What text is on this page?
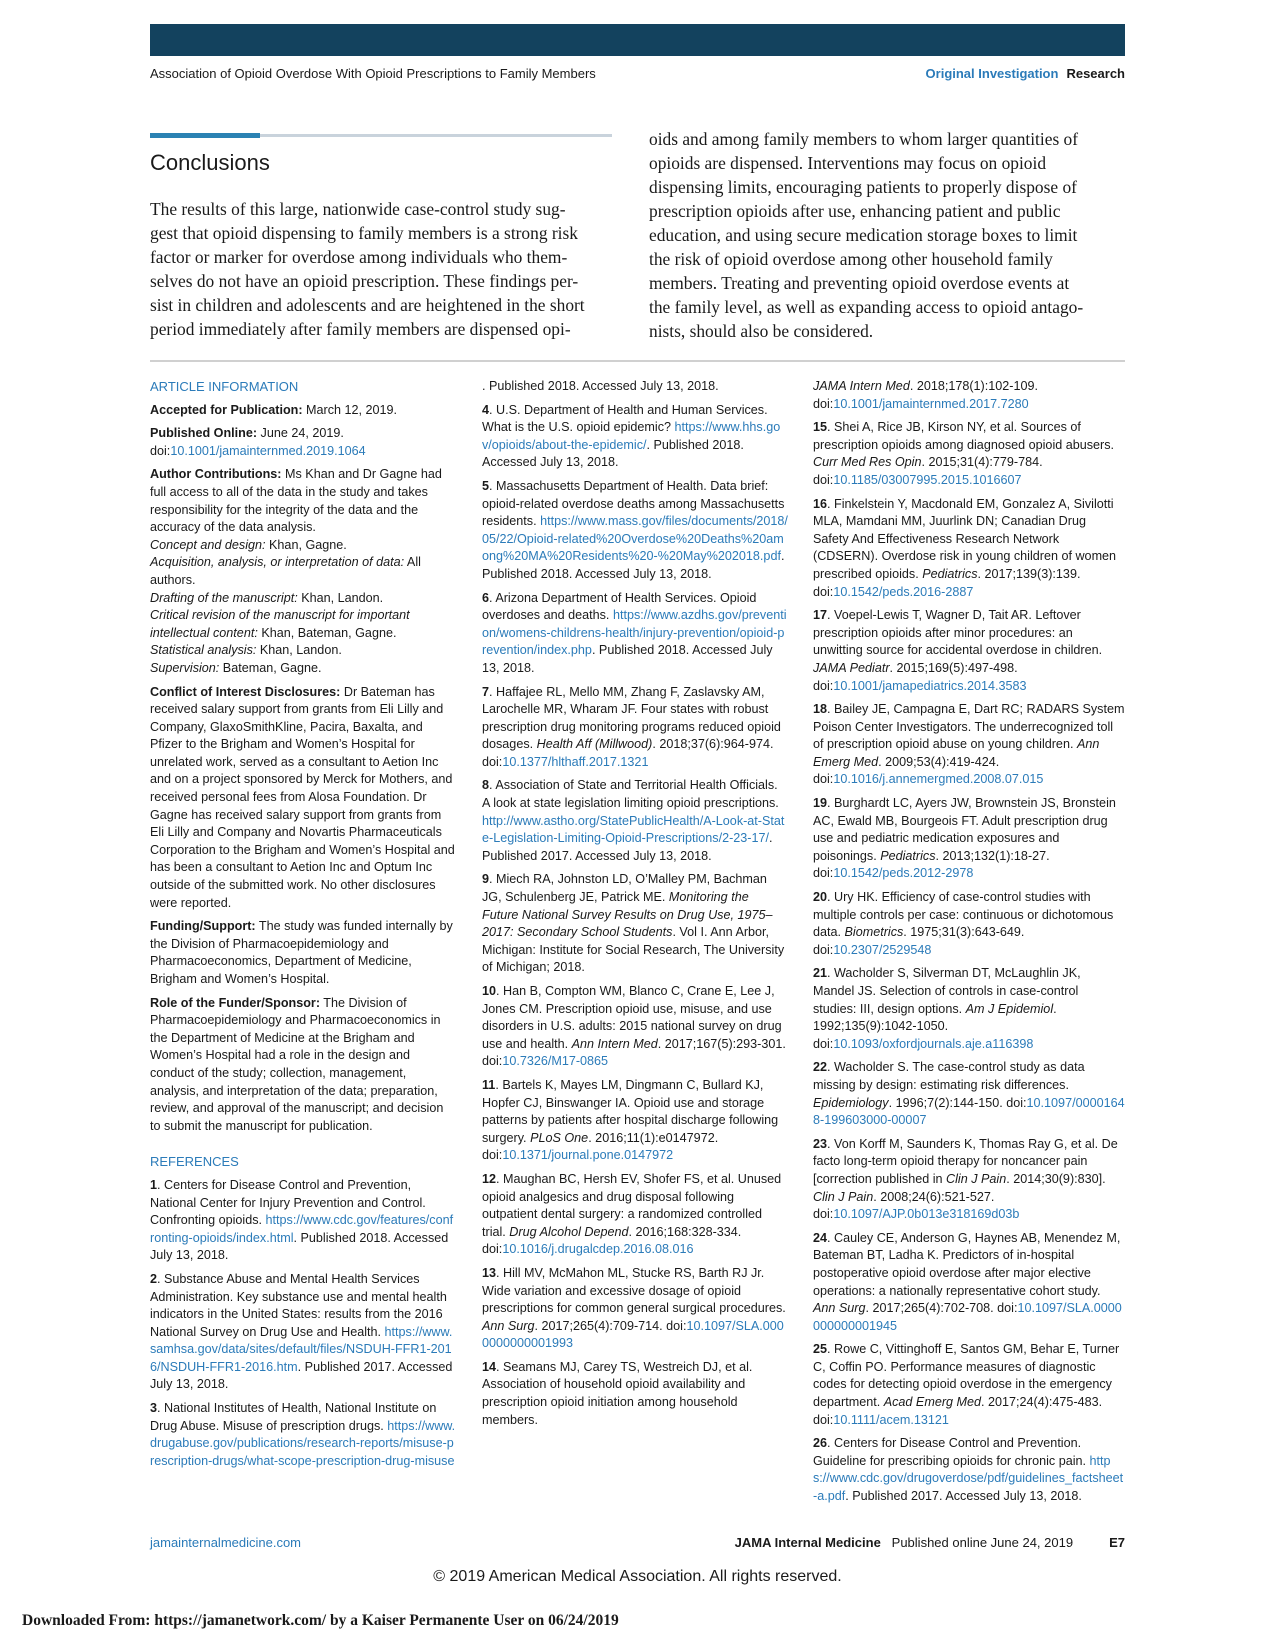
Association of Opioid Overdose With Opioid Prescriptions to Family Members	Original Investigation Research
Conclusions
The results of this large, nationwide case-control study sug-
gest that opioid dispensing to family members is a strong risk
factor or marker for overdose among individuals who them-
selves do not have an opioid prescription. These findings per-
sist in children and adolescents and are heightened in the short
period immediately after family members are dispensed opi-
oids and among family members to whom larger quantities of
opioids are dispensed. Interventions may focus on opioid
dispensing limits, encouraging patients to properly dispose of
prescription opioids after use, enhancing patient and public
education, and using secure medication storage boxes to limit
the risk of opioid overdose among other household family
members. Treating and preventing opioid overdose events at
the family level, as well as expanding access to opioid antago-
nists, should also be considered.
ARTICLE INFORMATION

Accepted for Publication: March 12, 2019.

Published Online: June 24, 2019.
doi:10.1001/jamainternmed.2019.1064

Author Contributions: Ms Khan and Dr Gagne had full access to all of the data in the study and takes responsibility for the integrity of the data and the accuracy of the data analysis.
Concept and design: Khan, Gagne.
Acquisition, analysis, or interpretation of data: All authors.
Drafting of the manuscript: Khan, Landon.
Critical revision of the manuscript for important intellectual content: Khan, Bateman, Gagne.
Statistical analysis: Khan, Landon.
Supervision: Bateman, Gagne.

Conflict of Interest Disclosures: Dr Bateman has received salary support from grants from Eli Lilly and Company, GlaxoSmithKline, Pacira, Baxalta, and Pfizer to the Brigham and Women’s Hospital for unrelated work, served as a consultant to Aetion Inc and on a project sponsored by Merck for Mothers, and received personal fees from Alosa Foundation. Dr Gagne has received salary support from grants from Eli Lilly and Company and Novartis Pharmaceuticals Corporation to the Brigham and Women’s Hospital and has been a consultant to Aetion Inc and Optum Inc outside of the submitted work. No other disclosures were reported.

Funding/Support: The study was funded internally by the Division of Pharmacoepidemiology and Pharmacoeconomics, Department of Medicine, Brigham and Women’s Hospital.

Role of the Funder/Sponsor: The Division of Pharmacoepidemiology and Pharmacoeconomics in the Department of Medicine at the Brigham and Women’s Hospital had a role in the design and conduct of the study; collection, management, analysis, and interpretation of the data; preparation, review, and approval of the manuscript; and decision to submit the manuscript for publication.

REFERENCES

1. Centers for Disease Control and Prevention, National Center for Injury Prevention and Control. Confronting opioids. https://www.cdc.gov/features/confronting-opioids/index.html. Published 2018. Accessed July 13, 2018.

2. Substance Abuse and Mental Health Services Administration. Key substance use and mental health indicators in the United States: results from the 2016 National Survey on Drug Use and Health. https://www.samhsa.gov/data/sites/default/files/NSDUH-FFR1-2016/NSDUH-FFR1-2016.htm. Published 2017. Accessed July 13, 2018.

3. National Institutes of Health, National Institute on Drug Abuse. Misuse of prescription drugs. https://www.drugabuse.gov/publications/research-reports/misuse-prescription-drugs/what-scope-prescription-drug-misuse

. Published 2018. Accessed July 13, 2018.

4. U.S. Department of Health and Human Services. What is the U.S. opioid epidemic? https://www.hhs.gov/opioids/about-the-epidemic/. Published 2018. Accessed July 13, 2018.

5. Massachusetts Department of Health. Data brief: opioid-related overdose deaths among Massachusetts residents. https://www.mass.gov/files/documents/2018/05/22/Opioid-related%20Overdose%20Deaths%20among%20MA%20Residents%20-%20May%202018.pdf. Published 2018. Accessed July 13, 2018.

6. Arizona Department of Health Services. Opioid overdoses and deaths. https://www.azdhs.gov/prevention/womens-childrens-health/injury-prevention/opioid-prevention/index.php. Published 2018. Accessed July 13, 2018.

7. Haffajee RL, Mello MM, Zhang F, Zaslavsky AM, Larochelle MR, Wharam JF. Four states with robust prescription drug monitoring programs reduced opioid dosages. Health Aff (Millwood). 2018;37(6):964-974. doi:10.1377/hlthaff.2017.1321

8. Association of State and Territorial Health Officials. A look at state legislation limiting opioid prescriptions. http://www.astho.org/StatePublicHealth/A-Look-at-State-Legislation-Limiting-Opioid-Prescriptions/2-23-17/. Published 2017. Accessed July 13, 2018.

9. Miech RA, Johnston LD, O’Malley PM, Bachman JG, Schulenberg JE, Patrick ME. Monitoring the Future National Survey Results on Drug Use, 1975–2017: Secondary School Students. Vol I. Ann Arbor, Michigan: Institute for Social Research, The University of Michigan; 2018.

10. Han B, Compton WM, Blanco C, Crane E, Lee J, Jones CM. Prescription opioid use, misuse, and use disorders in U.S. adults: 2015 national survey on drug use and health. Ann Intern Med. 2017;167(5):293-301. doi:10.7326/M17-0865

11. Bartels K, Mayes LM, Dingmann C, Bullard KJ, Hopfer CJ, Binswanger IA. Opioid use and storage patterns by patients after hospital discharge following surgery. PLoS One. 2016;11(1):e0147972. doi:10.1371/journal.pone.0147972

12. Maughan BC, Hersh EV, Shofer FS, et al. Unused opioid analgesics and drug disposal following outpatient dental surgery: a randomized controlled trial. Drug Alcohol Depend. 2016;168:328-334. doi:10.1016/j.drugalcdep.2016.08.016

13. Hill MV, McMahon ML, Stucke RS, Barth RJ Jr. Wide variation and excessive dosage of opioid prescriptions for common general surgical procedures. Ann Surg. 2017;265(4):709-714. doi:10.1097/SLA.0000000000001993

14. Seamans MJ, Carey TS, Westreich DJ, et al. Association of household opioid availability and prescription opioid initiation among household members.

JAMA Intern Med. 2018;178(1):102-109. doi:10.1001/jamainternmed.2017.7280

15. Shei A, Rice JB, Kirson NY, et al. Sources of prescription opioids among diagnosed opioid abusers. Curr Med Res Opin. 2015;31(4):779-784. doi:10.1185/03007995.2015.1016607

16. Finkelstein Y, Macdonald EM, Gonzalez A, Sivilotti MLA, Mamdani MM, Juurlink DN; Canadian Drug Safety And Effectiveness Research Network (CDSERN). Overdose risk in young children of women prescribed opioids. Pediatrics. 2017;139(3):139. doi:10.1542/peds.2016-2887

17. Voepel-Lewis T, Wagner D, Tait AR. Leftover prescription opioids after minor procedures: an unwitting source for accidental overdose in children. JAMA Pediatr. 2015;169(5):497-498. doi:10.1001/jamapediatrics.2014.3583

18. Bailey JE, Campagna E, Dart RC; RADARS System Poison Center Investigators. The underrecognized toll of prescription opioid abuse on young children. Ann Emerg Med. 2009;53(4):419-424. doi:10.1016/j.annemergmed.2008.07.015

19. Burghardt LC, Ayers JW, Brownstein JS, Bronstein AC, Ewald MB, Bourgeois FT. Adult prescription drug use and pediatric medication exposures and poisonings. Pediatrics. 2013;132(1):18-27. doi:10.1542/peds.2012-2978

20. Ury HK. Efficiency of case-control studies with multiple controls per case: continuous or dichotomous data. Biometrics. 1975;31(3):643-649. doi:10.2307/2529548

21. Wacholder S, Silverman DT, McLaughlin JK, Mandel JS. Selection of controls in case-control studies: III, design options. Am J Epidemiol. 1992;135(9):1042-1050. doi:10.1093/oxfordjournals.aje.a116398

22. Wacholder S. The case-control study as data missing by design: estimating risk differences. Epidemiology. 1996;7(2):144-150. doi:10.1097/00001648-199603000-00007

23. Von Korff M, Saunders K, Thomas Ray G, et al. De facto long-term opioid therapy for noncancer pain [correction published in Clin J Pain. 2014;30(9):830]. Clin J Pain. 2008;24(6):521-527. doi:10.1097/AJP.0b013e318169d03b

24. Cauley CE, Anderson G, Haynes AB, Menendez M, Bateman BT, Ladha K. Predictors of in-hospital postoperative opioid overdose after major elective operations: a nationally representative cohort study. Ann Surg. 2017;265(4):702-708. doi:10.1097/SLA.0000000000001945

25. Rowe C, Vittinghoff E, Santos GM, Behar E, Turner C, Coffin PO. Performance measures of diagnostic codes for detecting opioid overdose in the emergency department. Acad Emerg Med. 2017;24(4):475-483. doi:10.1111/acem.13121

26. Centers for Disease Control and Prevention. Guideline for prescribing opioids for chronic pain. https://www.cdc.gov/drugoverdose/pdf/guidelines_factsheet-a.pdf. Published 2017. Accessed July 13, 2018.

jamainternalmedicine.com	JAMA Internal Medicine Published online June 24, 2019	E7
© 2019 American Medical Association. All rights reserved.
Downloaded From: https://jamanetwork.com/ by a Kaiser Permanente User on 06/24/2019
